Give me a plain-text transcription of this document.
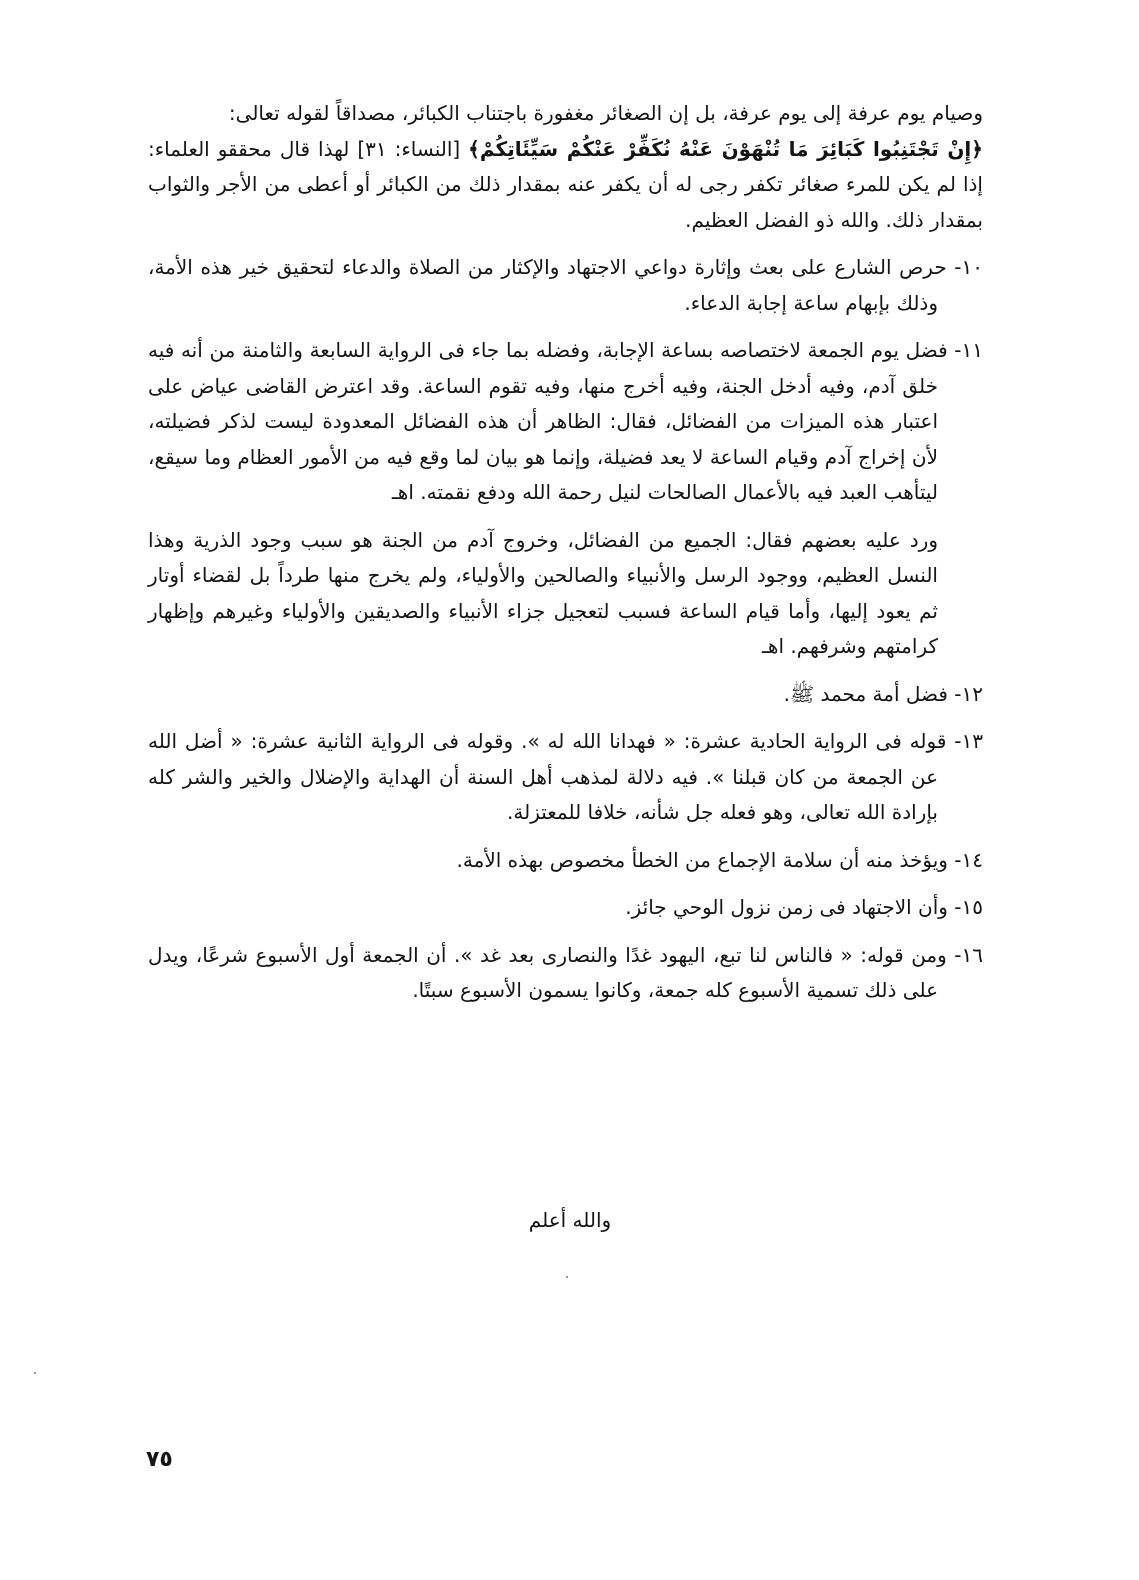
وصيام يوم عرفة إلى يوم عرفة، بل إن الصغائر مغفورة باجتناب الكبائر، مصداقاً لقوله تعالى:
﴿إِنْ تَجْتَنِبُوا كَبَائِرَ مَا تُنْهَوْنَ عَنْهُ نُكَفِّرْ عَنْكُمْ سَيِّئَاتِكُمْ﴾ [النساء: ٣١] لهذا قال محققو العلماء: إذا لم يكن للمرء صغائر تكفر رجى له أن يكفر عنه بمقدار ذلك من الكبائر أو أعطى من الأجر والثواب بمقدار ذلك. والله ذو الفضل العظيم.

١٠- حرص الشارع على بعث وإثارة دواعي الاجتهاد والإكثار من الصلاة والدعاء لتحقيق خير هذه الأمة، وذلك بإبهام ساعة إجابة الدعاء.

١١- فضل يوم الجمعة لاختصاصه بساعة الإجابة، وفضله بما جاء فى الرواية السابعة والثامنة من أنه فيه خلق آدم، وفيه أدخل الجنة، وفيه أخرج منها، وفيه تقوم الساعة. وقد اعترض القاضى عياض على اعتبار هذه الميزات من الفضائل، فقال: الظاهر أن هذه الفضائل المعدودة ليست لذكر فضيلته، لأن إخراج آدم وقيام الساعة لا يعد فضيلة، وإنما هو بيان لما وقع فيه من الأمور العظام وما سيقع، ليتأهب العبد فيه بالأعمال الصالحات لنيل رحمة الله ودفع نقمته. اهـ

ورد عليه بعضهم فقال: الجميع من الفضائل، وخروج آدم من الجنة هو سبب وجود الذرية وهذا النسل العظيم، ووجود الرسل والأنبياء والصالحين والأولياء، ولم يخرج منها طرداً بل لقضاء أوتار ثم يعود إليها، وأما قيام الساعة فسبب لتعجيل جزاء الأنبياء والصديقين والأولياء وغيرهم وإظهار كرامتهم وشرفهم. اهـ

١٢- فضل أمة محمد ﷺ.

١٣- قوله فى الرواية الحادية عشرة: « فهدانا الله له ». وقوله فى الرواية الثانية عشرة: « أضل الله عن الجمعة من كان قبلنا ». فيه دلالة لمذهب أهل السنة أن الهداية والإضلال والخير والشر كله بإرادة الله تعالى، وهو فعله جل شأنه، خلافا للمعتزلة.

١٤- ويؤخذ منه أن سلامة الإجماع من الخطأ مخصوص بهذه الأمة.

١٥- وأن الاجتهاد فى زمن نزول الوحي جائز.

١٦- ومن قوله: « فالناس لنا تبع، اليهود غدًا والنصارى بعد غد ». أن الجمعة أول الأسبوع شرعًا، ويدل على ذلك تسمية الأسبوع كله جمعة، وكانوا يسمون الأسبوع سبتًا.

والله أعلم
٧٥
